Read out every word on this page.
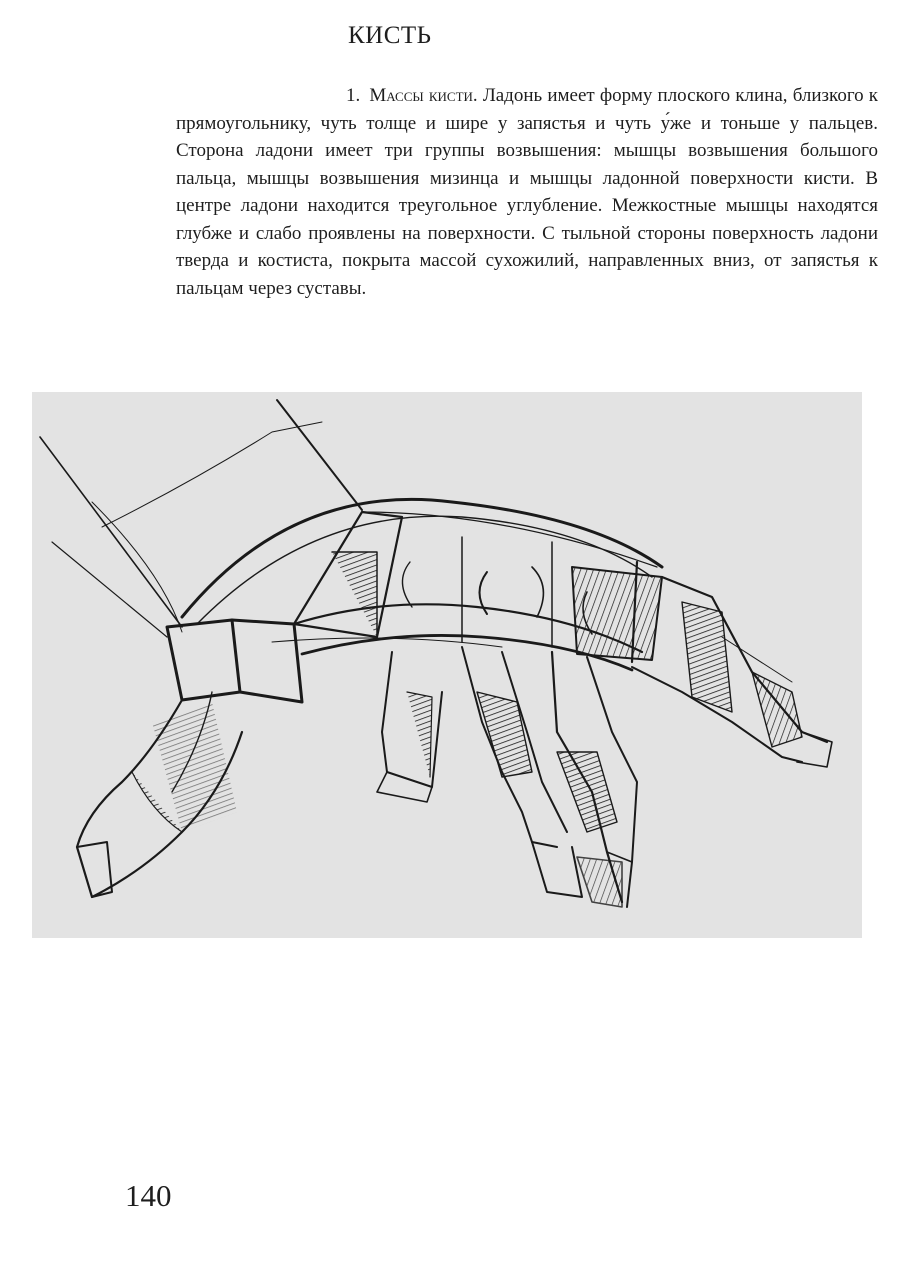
КИСТЬ

1. Массы кисти. Ладонь имеет форму плоского клина, близкого к прямоугольнику, чуть толще и шире у запястья и чуть у́же и тоньше у пальцев. Сторона ладони имеет три группы возвышения: мышцы возвышения большого пальца, мышцы возвышения мизинца и мышцы ладонной поверхности кисти. В центре ладони находится треугольное углубление. Межкостные мышцы находятся глубже и слабо проявлены на поверхности. С тыльной стороны поверхность ладони тверда и костиста, покрыта массой сухожилий, направленных вниз, от запястья к пальцам через суставы.

140
